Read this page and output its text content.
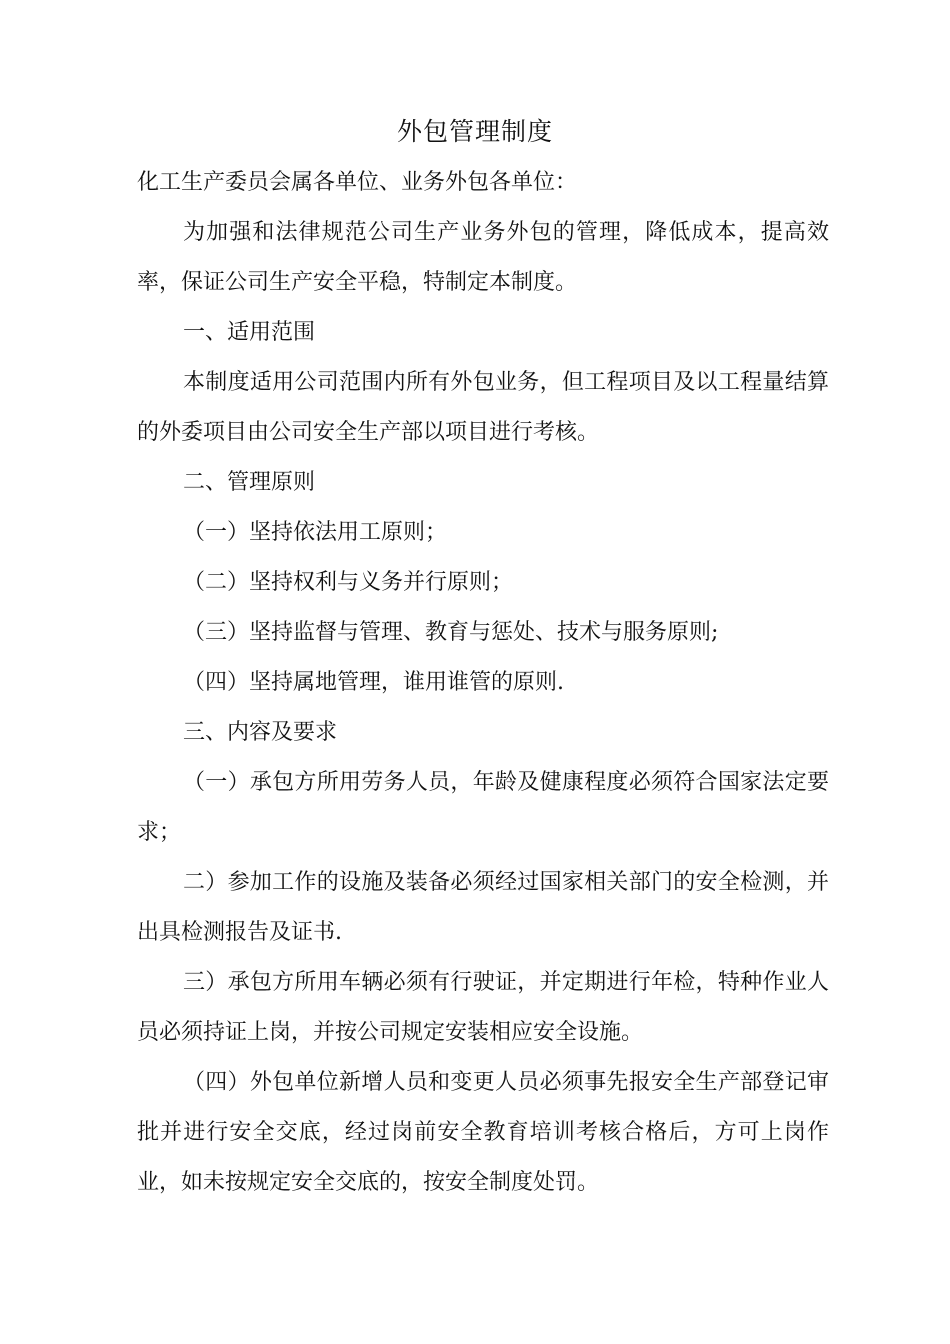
外包管理制度

化工生产委员会属各单位、业务外包各单位：

为加强和法律规范公司生产业务外包的管理，降低成本，提高效率，保证公司生产安全平稳，特制定本制度。

一、适用范围

本制度适用公司范围内所有外包业务，但工程项目及以工程量结算的外委项目由公司安全生产部以项目进行考核。

二、管理原则

（一）坚持依法用工原则；

（二）坚持权利与义务并行原则；

（三）坚持监督与管理、教育与惩处、技术与服务原则;

（四）坚持属地管理，谁用谁管的原则.

三、内容及要求

（一）承包方所用劳务人员，年龄及健康程度必须符合国家法定要求；

二）参加工作的设施及装备必须经过国家相关部门的安全检测，并出具检测报告及证书.

三）承包方所用车辆必须有行驶证，并定期进行年检，特种作业人员必须持证上岗，并按公司规定安装相应安全设施。

（四）外包单位新增人员和变更人员必须事先报安全生产部登记审批并进行安全交底，经过岗前安全教育培训考核合格后，方可上岗作业，如未按规定安全交底的，按安全制度处罚。
